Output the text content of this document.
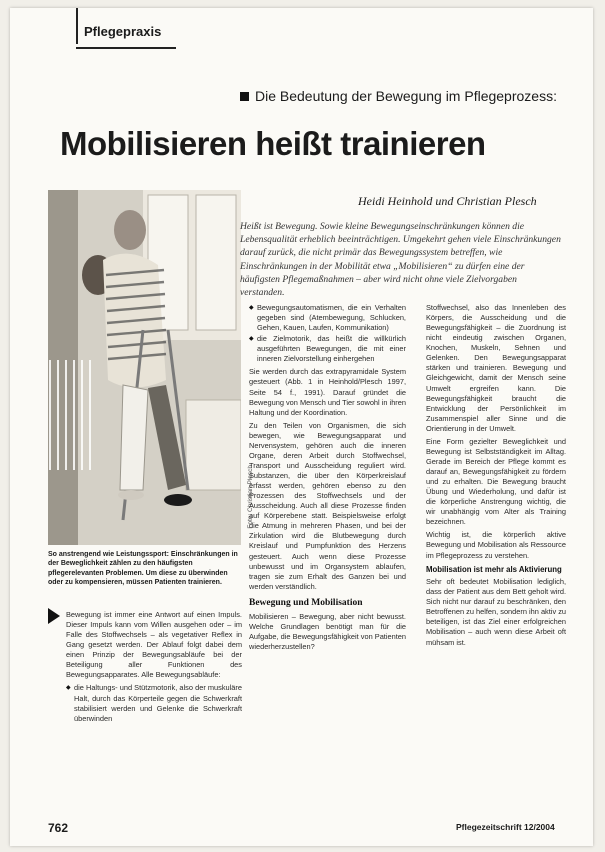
Pflegepraxis
Die Bedeutung der Bewegung im Pflegeprozess:
Mobilisieren heißt trainieren
Heidi Heinhold und Christian Plesch
Foto: Christian Plesch
So anstrengend wie Leistungssport: Einschränkungen in der Beweglichkeit zählen zu den häufigsten pflegerelevanten Problemen. Um diese zu überwinden oder zu kompensieren, müssen Patienten trainieren.
Heißt ist Bewegung. Sowie kleine Bewegungseinschränkungen können die Lebensqualität erheblich beeinträchtigen. Umgekehrt gehen viele Einschränkungen darauf zurück, die nicht primär das Bewegungssystem betreffen, wie Einschränkungen in der Mobilität etwa „Mobilisieren“ zu dürfen eine der häufigsten Pflegemaßnahmen – aber wird nicht ohne viele Zielvorgaben verstanden.
◆ Bewegungsautomatismen, die ein Verhalten gegeben sind (Atembewegung, Schlucken, Gehen, Kauen, Laufen, Kommunikation)
◆ die Zielmotorik, das heißt die willkürlich ausgeführten Bewegungen, die mit einer inneren Zielvorstellung einhergehen

Sie werden durch das extrapyramidale System gesteuert (Abb. 1 in Heinhold/Plesch 1997, Seite 54 f., 1991). Darauf gründet die Bewegung von Mensch und Tier sowohl in ihren Haltung und der Koordination.

Zu den Teilen von Organismen, die sich bewegen, wie Bewegungsapparat und Nervensystem, gehören auch die inneren Organe, deren Arbeit durch Stoffwechsel, Transport und Ausscheidung reguliert wird. Substanzen, die über den Körperkreislauf erfasst werden, gehören ebenso zu den Prozessen des Stoffwechsels und der Ausscheidung. Auch all diese Prozesse finden auf Körperebene statt. Beispielsweise erfolgt die Atmung in mehreren Phasen, und bei der Zirkulation wird die Blutbewegung durch Kreislauf und Pumpfunktion des Herzens gesteuert. Auch wenn diese Prozesse unbewusst und im Organsystem ablaufen, tragen sie zum Erhalt des Ganzen bei und werden verständlich.

Bewegung und Mobilisation

Mobilisieren – Bewegung, aber nicht bewusst. Welche Grundlagen benötigt man für die Aufgabe, die Bewegungsfähigkeit von Patienten wiederherzustellen?

Stoffwechsel, also das Innenleben des Körpers, die Ausscheidung und die Bewegungsfähigkeit – die Zuordnung ist nicht eindeutig zwischen Organen, Knochen, Muskeln, Sehnen und Gelenken. Den Bewegungsapparat stärken und trainieren. Bewegung und Gleichgewicht, damit der Mensch seine Umwelt ergreifen kann. Die Bewegungsfähigkeit braucht die Entwicklung der Persönlichkeit im Zusammenspiel aller Sinne und die Orientierung in der Umwelt.

Eine Form gezielter Beweglichkeit und Bewegung ist Selbstständigkeit im Alltag. Gerade im Bereich der Pflege kommt es darauf an, Bewegungsfähigkeit zu fördern und zu erhalten. Die Bewegung braucht Übung und Wiederholung, und dafür ist die körperliche Anstrengung wichtig, die wir unabhängig vom Alter als Training bezeichnen.

Wichtig ist, die körperlich aktive Bewegung und Mobilisation als Ressource im Pflegeprozess zu verstehen.

Mobilisation ist mehr als Aktivierung

Sehr oft bedeutet Mobilisation lediglich, dass der Patient aus dem Bett geholt wird. Sich nicht nur darauf zu beschränken, den Betroffenen zu helfen, sondern ihn aktiv zu beteiligen, ist das Ziel einer erfolgreichen Mobilisation – auch wenn diese Arbeit oft mühsam ist.

Bewegung ist immer eine Antwort auf einen Impuls. Dieser Impuls kann vom Willen ausgehen oder – im Falle des Stoffwechsels – als vegetativer Reflex in Gang gesetzt werden. Der Ablauf folgt dabei dem einen Prinzip der Bewegungsabläufe bei der Beteiligung aller Funktionen des Bewegungsapparates. Alle Bewegungsabläufe:

◆ die Haltungs- und Stützmotorik, also der muskuläre Halt, durch das Körperteile gegen die Schwerkraft stabilisiert werden und Gelenke die Schwerkraft überwinden
762	Pflegezeitschrift 12/2004
